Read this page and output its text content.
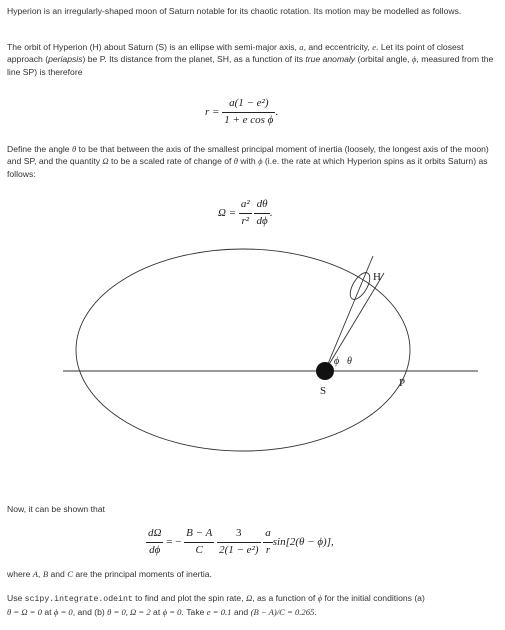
Hyperion is an irregularly-shaped moon of Saturn notable for its chaotic rotation. Its motion may be modelled as follows.
The orbit of Hyperion (H) about Saturn (S) is an ellipse with semi-major axis, a, and eccentricity, e. Let its point of closest approach (periapsis) be P. Its distance from the planet, SH, as a function of its true anomaly (orbital angle, ϕ, measured from the line SP) is therefore
$r = \frac{\text{a(1 − e²)}}{\text{1 + e cos ϕ}}$ .
Define the angle θ to be that between the axis of the smallest principal moment of inertia (loosely, the longest axis of the moon) and SP, and the quantity Ω to be a scaled rate of change of θ with ϕ (i.e. the rate at which Hyperion spins as it orbits Saturn) as follows:
$\Omega = \frac{\text{a²}}{\text{r²}}$
$\frac{d\theta}{d\phi}$ .
H
S
P
ϕ θ
Now, it can be shown that
$\frac{d\Omega}{d\phi}$ = − $\frac{B - A}{C}$
$\frac{3}{\text{2(1 − e²)}}$
$\frac{a}{r} \sin[2(\theta - \phi)]$,
where A, B and C are the principal moments of inertia.
Use scipy.integrate.odeint to find and plot the spin rate, Ω, as a function of ϕ for the initial conditions (a)
θ = Ω = 0 at ϕ = 0, and (b) θ = 0, Ω = 2 at ϕ = 0. Take e = 0.1 and (B − A)/C = 0.265.
